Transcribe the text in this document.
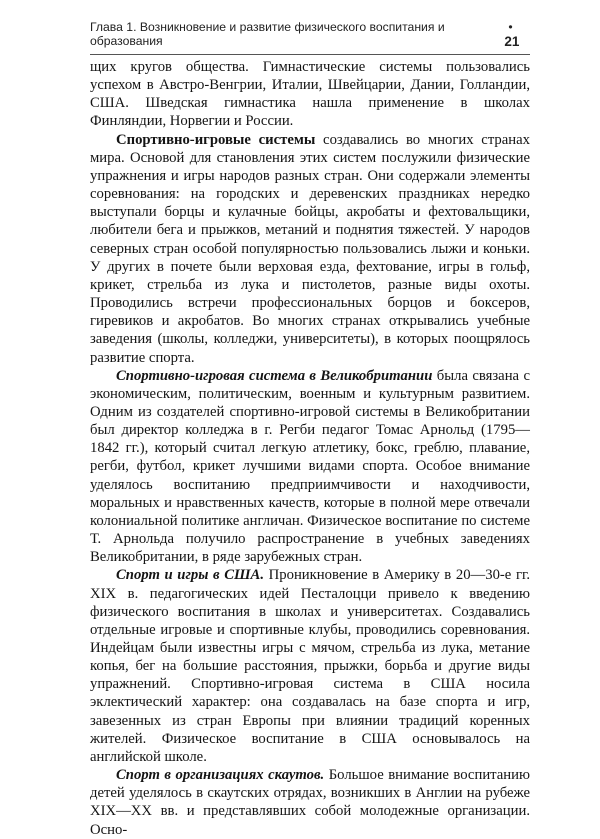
Глава 1. Возникновение и развитие физического воспитания и образования
• 21

щих кругов общества. Гимнастические системы пользовались успехом в Австро-Венгрии, Италии, Швейцарии, Дании, Голландии, США. Шведская гимнастика нашла применение в школах Финляндии, Норвегии и России.

Спортивно-игровые системы создавались во многих странах мира. Основой для становления этих систем послужили физические упражнения и игры народов разных стран. Они содержали элементы соревнования: на городских и деревенских праздниках нередко выступали борцы и кулачные бойцы, акробаты и фехтовальщики, любители бега и прыжков, метаний и поднятия тяжестей. У народов северных стран особой популярностью пользовались лыжи и коньки. У других в почете были верховая езда, фехтование, игры в гольф, крикет, стрельба из лука и пистолетов, разные виды охоты. Проводились встречи профессиональных борцов и боксеров, гиревиков и акробатов. Во многих странах открывались учебные заведения (школы, колледжи, университеты), в которых поощрялось развитие спорта.

Спортивно-игровая система в Великобритании была связана с экономическим, политическим, военным и культурным развитием. Одним из создателей спортивно-игровой системы в Великобритании был директор колледжа в г. Регби педагог Томас Арнольд (1795—1842 гг.), который считал легкую атлетику, бокс, греблю, плавание, регби, футбол, крикет лучшими видами спорта. Особое внимание уделялось воспитанию предприимчивости и находчивости, моральных и нравственных качеств, которые в полной мере отвечали колониальной политике англичан. Физическое воспитание по системе Т. Арнольда получило распространение в учебных заведениях Великобритании, в ряде зарубежных стран.

Спорт и игры в США. Проникновение в Америку в 20—30-е гг. XIX в. педагогических идей Песталоцци привело к введению физического воспитания в школах и университетах. Создавались отдельные игровые и спортивные клубы, проводились соревнования. Индейцам были известны игры с мячом, стрельба из лука, метание копья, бег на большие расстояния, прыжки, борьба и другие виды упражнений. Спортивно-игровая система в США носила эклектический характер: она создавалась на базе спорта и игр, завезенных из стран Европы при влиянии традиций коренных жителей. Физическое воспитание в США основывалось на английской школе.

Спорт в организациях скаутов. Большое внимание воспитанию детей уделялось в скаутских отрядах, возникших в Англии на рубеже XIX—XX вв. и представлявших собой молодежные организации. Осно-
